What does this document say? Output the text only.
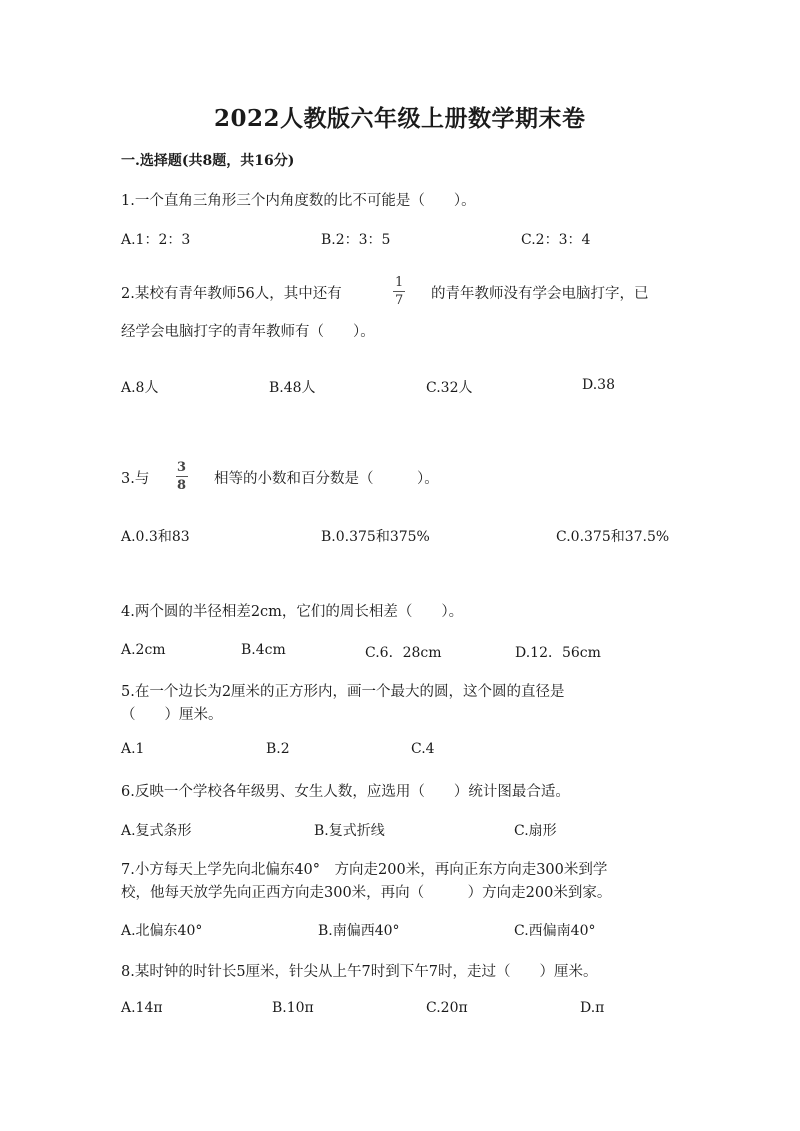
2022人教版六年级上册数学期末卷
一.选择题(共8题，共16分)
1.一个直角三角形三个内角度数的比不可能是（　　）。
A.1：2：3	B.2：3：5	C.2：3：4
2.某校有青年教师56人，其中还有
1
7 的青年教师没有学会电脑打字，已
经学会电脑打字的青年教师有（　　）。
A.8人	B.48人	C.32人	D.38
3.与
3
8 相等的小数和百分数是（　　　）。
A.0.3和83	B.0.375和375%	C.0.375和37.5%
4.两个圆的半径相差2cm，它们的周长相差（　　）。
A.2cm	B.4cm	C.6．28cm	D.12．56cm
5.在一个边长为2厘米的正方形内，画一个最大的圆，这个圆的直径是
（　　）厘米。
A.1	B.2	C.4
6.反映一个学校各年级男、女生人数，应选用（　　）统计图最合适。
A.复式条形	B.复式折线	C.扇形
7.小方每天上学先向北偏东40°　方向走200米，再向正东方向走300米到学
校，他每天放学先向正西方向走300米，再向（　　　）方向走200米到家。
A.北偏东40°	B.南偏西40°	C.西偏南40°
8.某时钟的时针长5厘米，针尖从上午7时到下午7时，走过（　　）厘米。
A.14π	B.10π	C.20π	D.π
